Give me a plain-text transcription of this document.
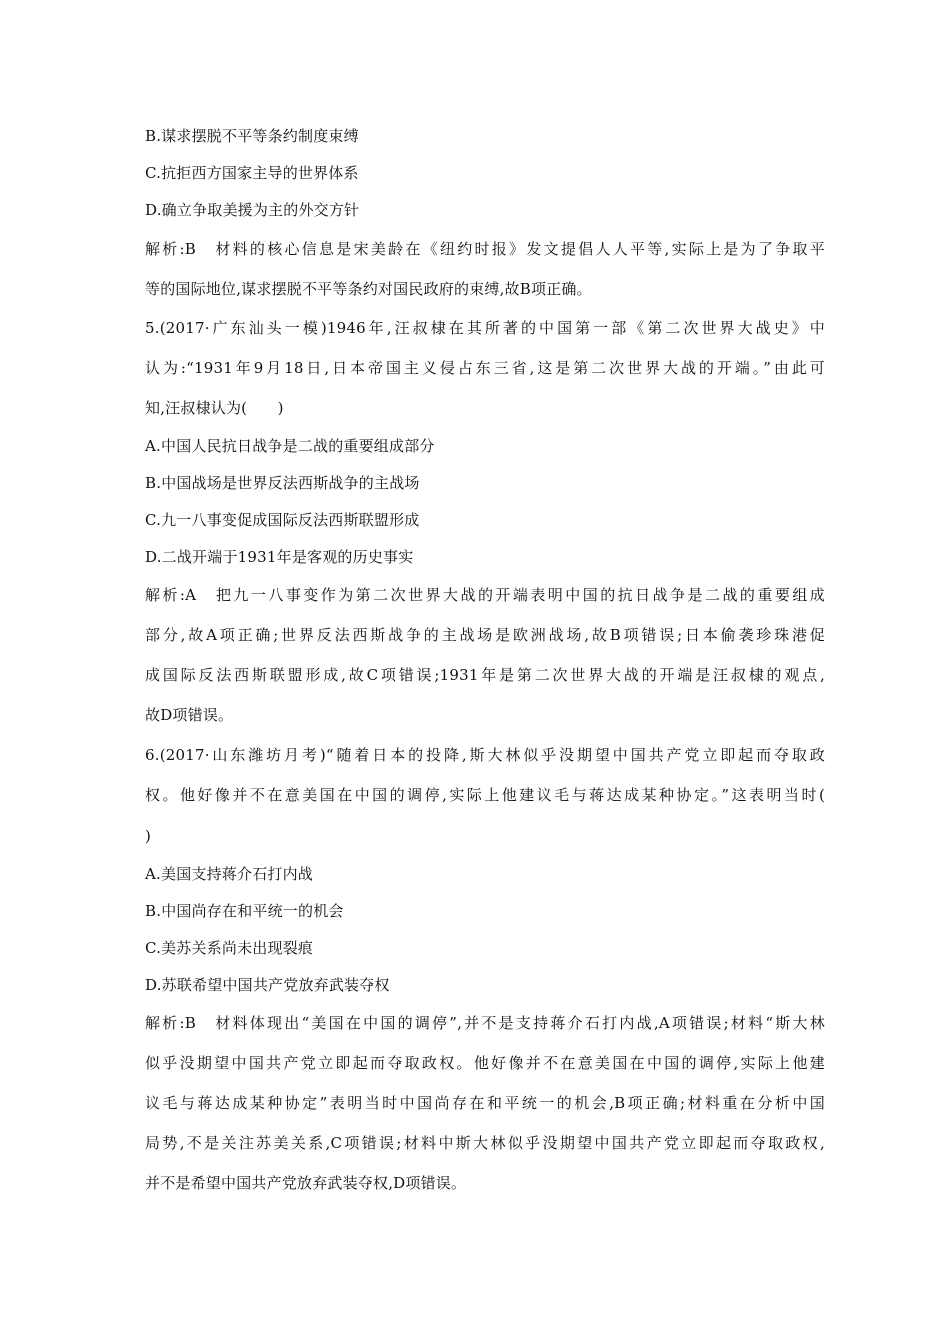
B.谋求摆脱不平等条约制度束缚
C.抗拒西方国家主导的世界体系
D.确立争取美援为主的外交方针
解析:B　材料的核心信息是宋美龄在《纽约时报》发文提倡人人平等,实际上是为了争取平
等的国际地位,谋求摆脱不平等条约对国民政府的束缚,故B项正确。
5.(2017·广东汕头一模)1946年,汪叔棣在其所著的中国第一部《第二次世界大战史》中
认为:“1931年9月18日,日本帝国主义侵占东三省,这是第二次世界大战的开端。”由此可
知,汪叔棣认为(　　)
A.中国人民抗日战争是二战的重要组成部分
B.中国战场是世界反法西斯战争的主战场
C.九一八事变促成国际反法西斯联盟形成
D.二战开端于1931年是客观的历史事实
解析:A　把九一八事变作为第二次世界大战的开端表明中国的抗日战争是二战的重要组成
部分,故A项正确;世界反法西斯战争的主战场是欧洲战场,故B项错误;日本偷袭珍珠港促
成国际反法西斯联盟形成,故C项错误;1931年是第二次世界大战的开端是汪叔棣的观点,
故D项错误。
6.(2017·山东潍坊月考)“随着日本的投降,斯大林似乎没期望中国共产党立即起而夺取政
权。他好像并不在意美国在中国的调停,实际上他建议毛与蒋达成某种协定。”这表明当时(
)
A.美国支持蒋介石打内战
B.中国尚存在和平统一的机会
C.美苏关系尚未出现裂痕
D.苏联希望中国共产党放弃武装夺权
解析:B　材料体现出“美国在中国的调停”,并不是支持蒋介石打内战,A项错误;材料“斯大林
似乎没期望中国共产党立即起而夺取政权。他好像并不在意美国在中国的调停,实际上他建
议毛与蒋达成某种协定”表明当时中国尚存在和平统一的机会,B项正确;材料重在分析中国
局势,不是关注苏美关系,C项错误;材料中斯大林似乎没期望中国共产党立即起而夺取政权,
并不是希望中国共产党放弃武装夺权,D项错误。
